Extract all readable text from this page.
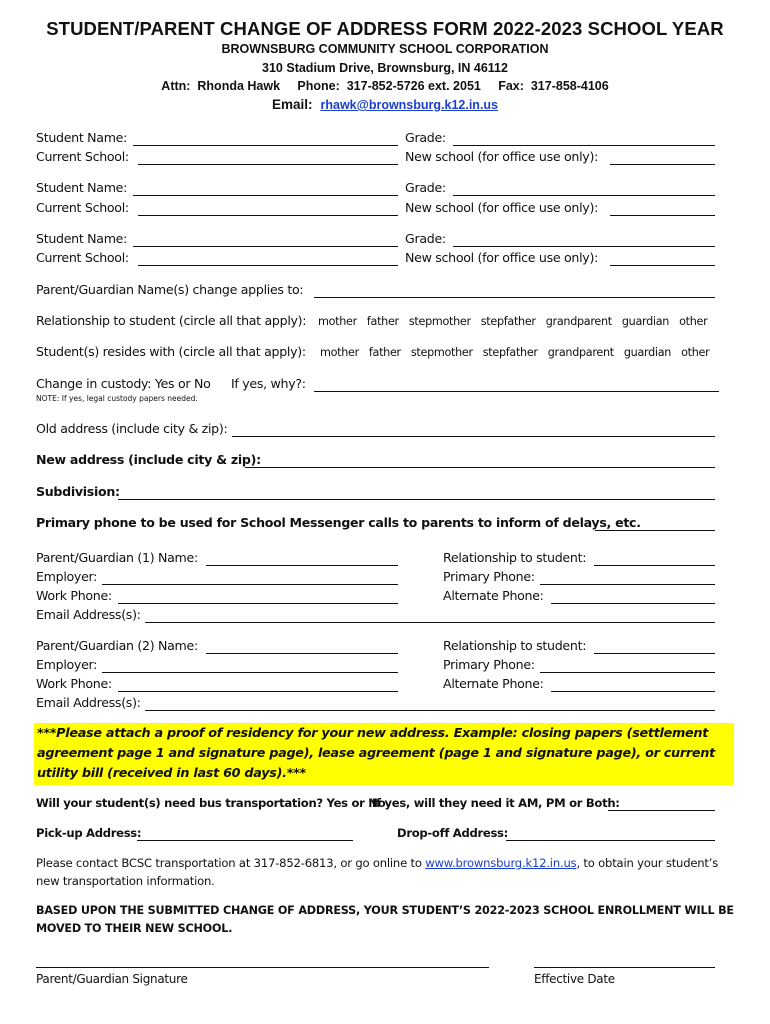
STUDENT/PARENT CHANGE OF ADDRESS FORM 2022-2023 SCHOOL YEAR
BROWNSBURG COMMUNITY SCHOOL CORPORATION
310 Stadium Drive, Brownsburg, IN 46112
Attn:  Rhonda Hawk     Phone:  317-852-5726 ext. 2051     Fax:  317-858-4106
Email: rhawk@brownsburg.k12.in.us
Student Name:	Grade:
Current School:	New school (for office use only):
Student Name:	Grade:
Current School:	New school (for office use only):
Student Name:	Grade:
Current School:	New school (for office use only):
Parent/Guardian Name(s) change applies to:
Relationship to student (circle all that apply): mother father stepmother stepfather grandparent guardian other
Student(s) resides with (circle all that apply): mother father stepmother stepfather grandparent guardian other
Change in custody: Yes or No If yes, why?:
NOTE: If yes, legal custody papers needed.
Old address (include city & zip):
New address (include city & zip):
Subdivision:
Primary phone to be used for School Messenger calls to parents to inform of delays, etc.
Parent/Guardian (1) Name:	Relationship to student:
Employer:	Primary Phone:
Work Phone:	Alternate Phone:
Email Address(s):
Parent/Guardian (2) Name:	Relationship to student:
Employer:	Primary Phone:
Work Phone:	Alternate Phone:
Email Address(s):
***Please attach a proof of residency for your new address. Example: closing papers (settlement agreement page 1 and signature page), lease agreement (page 1 and signature page), or current utility bill (received in last 60 days).***
Will your student(s) need bus transportation? Yes or No
If yes, will they need it AM, PM or Both:
Pick-up Address:	Drop-off Address:
Please contact BCSC transportation at 317-852-6813, or go online to www.brownsburg.k12.in.us, to obtain your student’s new transportation information.
BASED UPON THE SUBMITTED CHANGE OF ADDRESS, YOUR STUDENT’S 2022-2023 SCHOOL ENROLLMENT WILL BE MOVED TO THEIR NEW SCHOOL.
Parent/Guardian Signature	Effective Date
